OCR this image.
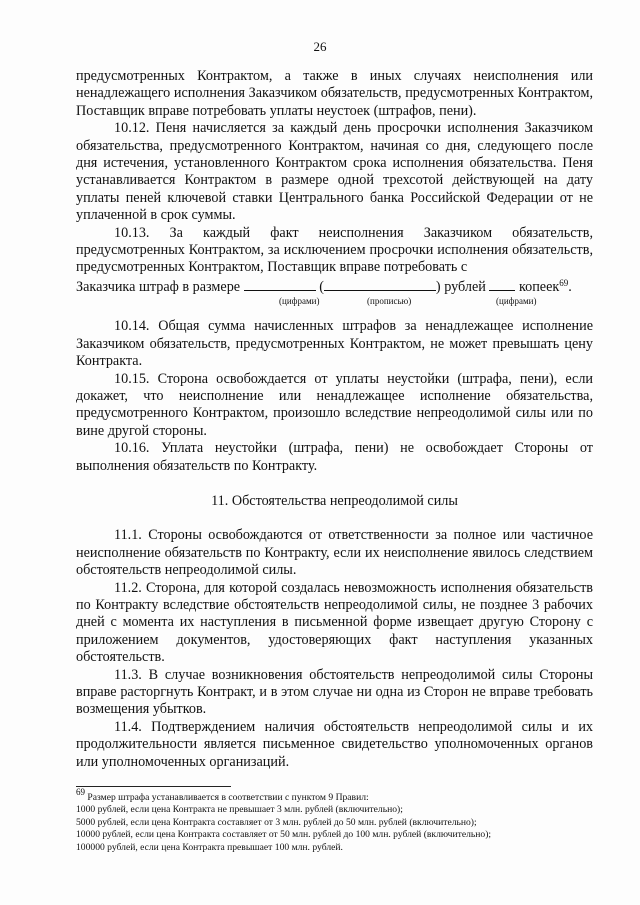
26

предусмотренных Контрактом, а также в иных случаях неисполнения или ненадлежащего исполнения Заказчиком обязательств, предусмотренных Контрактом, Поставщик вправе потребовать уплаты неустоек (штрафов, пени).

10.12. Пеня начисляется за каждый день просрочки исполнения Заказчиком обязательства, предусмотренного Контрактом, начиная со дня, следующего после дня истечения, установленного Контрактом срока исполнения обязательства. Пеня устанавливается Контрактом в размере одной трехсотой действующей на дату уплаты пеней ключевой ставки Центрального банка Российской Федерации от не уплаченной в срок суммы.

10.13. За каждый факт неисполнения Заказчиком обязательств, предусмотренных Контрактом, за исключением просрочки исполнения обязательств, предусмотренных Контрактом, Поставщик вправе потребовать с

Заказчика штраф в размере	(	) рублей копеек$^{69}$.
(цифрами)	(прописью)	(цифрами)

10.14. Общая сумма начисленных штрафов за ненадлежащее исполнение Заказчиком обязательств, предусмотренных Контрактом, не может превышать цену Контракта.

10.15. Сторона освобождается от уплаты неустойки (штрафа, пени), если докажет, что неисполнение или ненадлежащее исполнение обязательства, предусмотренного Контрактом, произошло вследствие непреодолимой силы или по вине другой стороны.

10.16. Уплата неустойки (штрафа, пени) не освобождает Стороны от выполнения обязательств по Контракту.

11. Обстоятельства непреодолимой силы

11.1. Стороны освобождаются от ответственности за полное или частичное неисполнение обязательств по Контракту, если их неисполнение явилось следствием обстоятельств непреодолимой силы.

11.2. Сторона, для которой создалась невозможность исполнения обязательств по Контракту вследствие обстоятельств непреодолимой силы, не позднее 3 рабочих дней с момента их наступления в письменной форме извещает другую Сторону с приложением документов, удостоверяющих факт наступления указанных обстоятельств.

11.3. В случае возникновения обстоятельств непреодолимой силы Стороны вправе расторгнуть Контракт, и в этом случае ни одна из Сторон не вправе требовать возмещения убытков.

11.4. Подтверждением наличия обстоятельств непреодолимой силы и их продолжительности является письменное свидетельство уполномоченных органов или уполномоченных организаций.

$^{69}$ Размер штрафа устанавливается в соответствии с пунктом 9 Правил:

1000 рублей, если цена Контракта не превышает 3 млн. рублей (включительно);

5000 рублей, если цена Контракта составляет от 3 млн. рублей до 50 млн. рублей (включительно);

10000 рублей, если цена Контракта составляет от 50 млн. рублей до 100 млн. рублей (включительно);

100000 рублей, если цена Контракта превышает 100 млн. рублей.
